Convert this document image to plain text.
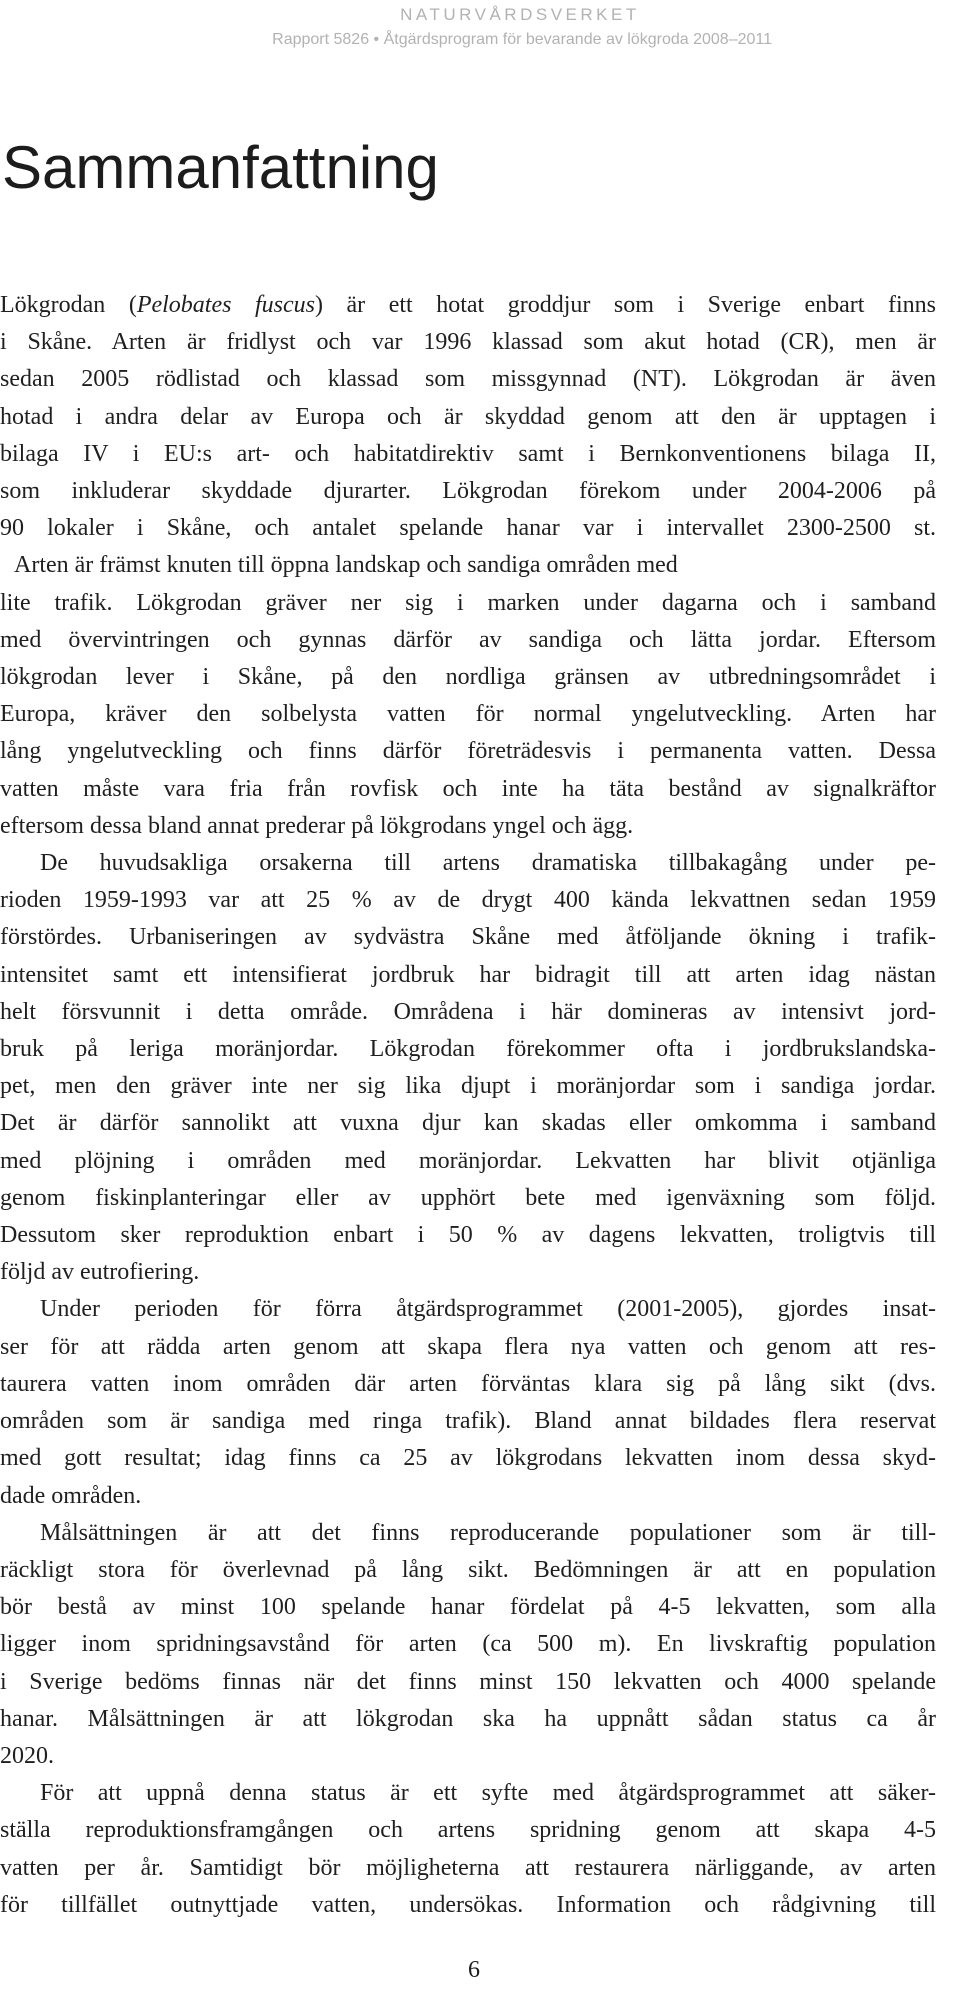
NATURVÅRDSVERKET
Rapport 5826 • Åtgärdsprogram för bevarande av lökgroda 2008–2011
Sammanfattning
Lökgrodan (Pelobates fuscus) är ett hotat groddjur som i Sverige enbart finns
i Skåne. Arten är fridlyst och var 1996 klassad som akut hotad (CR), men är
sedan 2005 rödlistad och klassad som missgynnad (NT). Lökgrodan är även
hotad i andra delar av Europa och är skyddad genom att den är upptagen i
bilaga IV i EU:s art- och habitatdirektiv samt i Bernkonventionens bilaga II,
som inkluderar skyddade djurarter. Lökgrodan förekom under 2004-2006 på
90 lokaler i Skåne, och antalet spelande hanar var i intervallet 2300-2500 st.
Arten är främst knuten till öppna landskap och sandiga områden med
lite trafik. Lökgrodan gräver ner sig i marken under dagarna och i samband
med övervintringen och gynnas därför av sandiga och lätta jordar. Eftersom
lökgrodan lever i Skåne, på den nordliga gränsen av utbredningsområdet i
Europa, kräver den solbelysta vatten för normal yngelutveckling. Arten har
lång yngelutveckling och finns därför företrädesvis i permanenta vatten. Dessa
vatten måste vara fria från rovfisk och inte ha täta bestånd av signalkräftor
eftersom dessa bland annat prederar på lökgrodans yngel och ägg.
De huvudsakliga orsakerna till artens dramatiska tillbakagång under pe-
rioden 1959-1993 var att 25 % av de drygt 400 kända lekvattnen sedan 1959
förstördes. Urbaniseringen av sydvästra Skåne med åtföljande ökning i trafik-
intensitet samt ett intensifierat jordbruk har bidragit till att arten idag nästan
helt försvunnit i detta område. Områdena i här domineras av intensivt jord-
bruk på leriga moränjordar. Lökgrodan förekommer ofta i jordbrukslandska-
pet, men den gräver inte ner sig lika djupt i moränjordar som i sandiga jordar.
Det är därför sannolikt att vuxna djur kan skadas eller omkomma i samband
med plöjning i områden med moränjordar. Lekvatten har blivit otjänliga
genom fiskinplanteringar eller av upphört bete med igenväxning som följd.
Dessutom sker reproduktion enbart i 50 % av dagens lekvatten, troligtvis till
följd av eutrofiering.
Under perioden för förra åtgärdsprogrammet (2001-2005), gjordes insat-
ser för att rädda arten genom att skapa flera nya vatten och genom att res-
taurera vatten inom områden där arten förväntas klara sig på lång sikt (dvs.
områden som är sandiga med ringa trafik). Bland annat bildades flera reservat
med gott resultat; idag finns ca 25 av lökgrodans lekvatten inom dessa skyd-
dade områden.
Målsättningen är att det finns reproducerande populationer som är till-
räckligt stora för överlevnad på lång sikt. Bedömningen är att en population
bör bestå av minst 100 spelande hanar fördelat på 4-5 lekvatten, som alla
ligger inom spridningsavstånd för arten (ca 500 m). En livskraftig population
i Sverige bedöms finnas när det finns minst 150 lekvatten och 4000 spelande
hanar. Målsättningen är att lökgrodan ska ha uppnått sådan status ca år
2020.
För att uppnå denna status är ett syfte med åtgärdsprogrammet att säker-
ställa reproduktionsframgången och artens spridning genom att skapa 4-5
vatten per år. Samtidigt bör möjligheterna att restaurera närliggande, av arten
för tillfället outnyttjade vatten, undersökas. Information och rådgivning till
6
